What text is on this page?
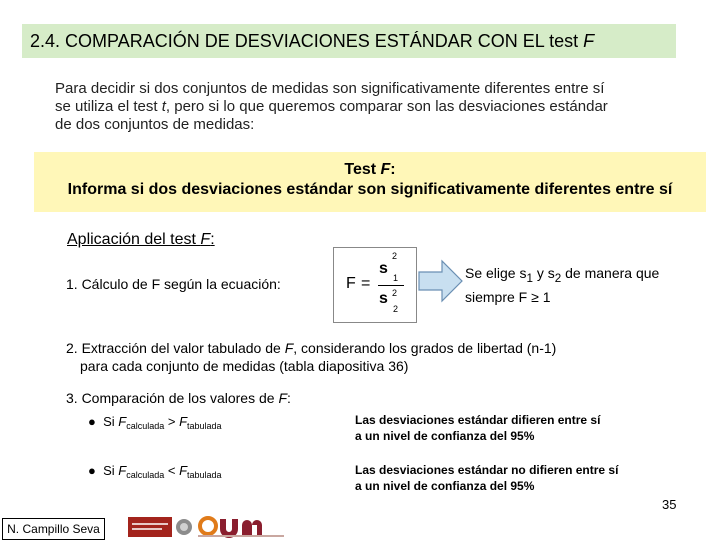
2.4. COMPARACIÓN DE DESVIACIONES ESTÁNDAR CON EL test F

Para decidir si dos conjuntos de medidas son significativamente diferentes entre sí

se utiliza el test t, pero si lo que queremos comparar son las desviaciones estándar

de dos conjuntos de medidas:

Test F:
Informa si dos desviaciones estándar son significativamente diferentes entre sí
Aplicación del test F:
1. Cálculo de F según la ecuación:	F =
s
2
1
s 2
2
Se elige $s_1$ y $s_2$ de manera que siempre F ≥ 1
2. Extracción del valor tabulado de F, considerando los grados de libertad (n-1)
para cada conjunto de medidas (tabla diapositiva 36)
3. Comparación de los valores de F:
● Si $F_{calculada} > F_{tabulada}$	Las desviaciones estándar difieren entre sí
a un nivel de confianza del 95%
● Si $F_{calculada} < F_{tabulada}$	Las desviaciones estándar no difieren entre sí
a un nivel de confianza del 95%
35
N. Campillo Seva
